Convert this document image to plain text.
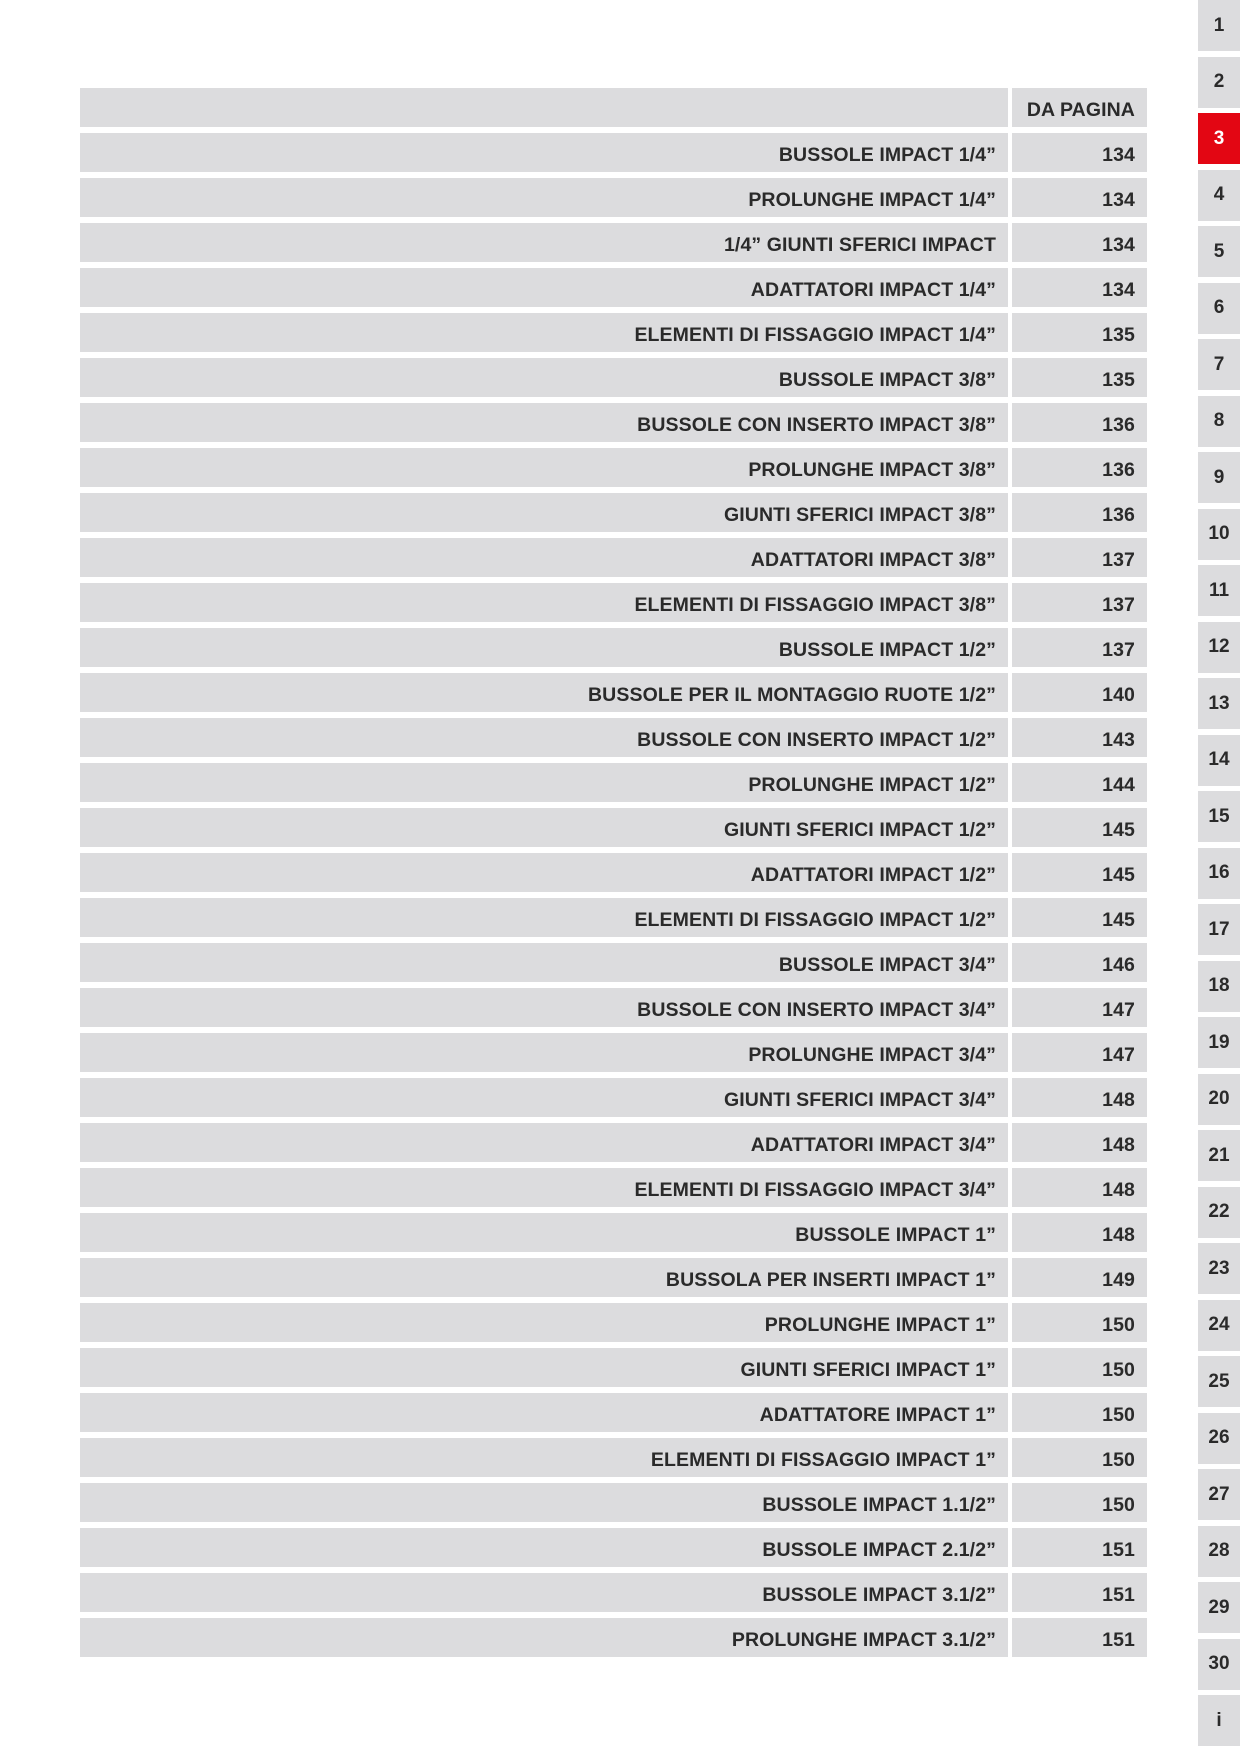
DA PAGINA
BUSSOLE IMPACT 1/4”	134
PROLUNGHE IMPACT 1/4”	134
1/4” GIUNTI SFERICI IMPACT	134
ADATTATORI IMPACT 1/4”	134
ELEMENTI DI FISSAGGIO IMPACT 1/4”	135
BUSSOLE IMPACT 3/8”	135
BUSSOLE CON INSERTO IMPACT 3/8”	136
PROLUNGHE IMPACT 3/8”	136
GIUNTI SFERICI IMPACT 3/8”	136
ADATTATORI IMPACT 3/8”	137
ELEMENTI DI FISSAGGIO IMPACT 3/8”	137
BUSSOLE IMPACT 1/2”	137
BUSSOLE PER IL MONTAGGIO RUOTE 1/2”	140
BUSSOLE CON INSERTO IMPACT 1/2”	143
PROLUNGHE IMPACT 1/2”	144
GIUNTI SFERICI IMPACT 1/2”	145
ADATTATORI IMPACT 1/2”	145
ELEMENTI DI FISSAGGIO IMPACT 1/2”	145
BUSSOLE IMPACT 3/4”	146
BUSSOLE CON INSERTO IMPACT 3/4”	147
PROLUNGHE IMPACT 3/4”	147
GIUNTI SFERICI IMPACT 3/4”	148
ADATTATORI IMPACT 3/4”	148
ELEMENTI DI FISSAGGIO IMPACT 3/4”	148
BUSSOLE IMPACT 1”	148
BUSSOLA PER INSERTI IMPACT 1”	149
PROLUNGHE IMPACT 1”	150
GIUNTI SFERICI IMPACT 1”	150
ADATTATORE IMPACT 1”	150
ELEMENTI DI FISSAGGIO IMPACT 1”	150
BUSSOLE IMPACT 1.1/2”	150
BUSSOLE IMPACT 2.1/2”	151
BUSSOLE IMPACT 3.1/2”	151
PROLUNGHE IMPACT 3.1/2”	151
1
2
3
4
5
6
7
8
9
10
11
12
13
14
15
16
17
18
19
20
21
22
23
24
25
26
27
28
29
30
i
